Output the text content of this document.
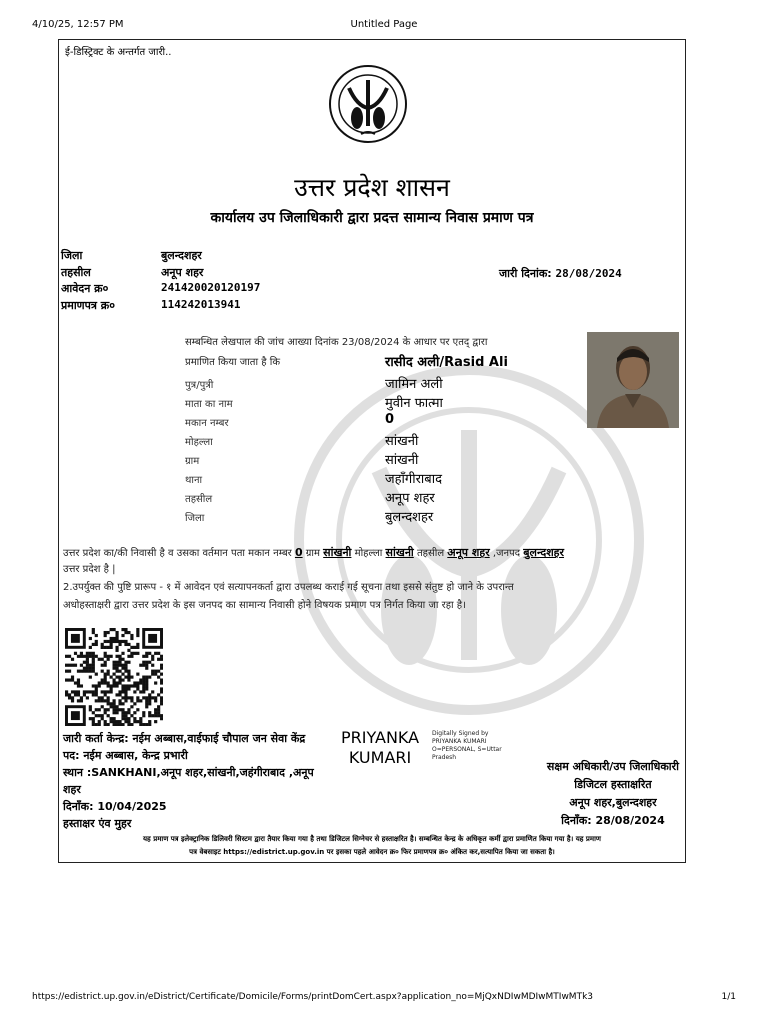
4/10/25, 12:57 PM	Untitled Page
ई-डिस्ट्रिक्ट के अन्तर्गत जारी..
उत्तर प्रदेश शासन
कार्यालय उप जिलाधिकारी द्वारा प्रदत्त सामान्य निवास प्रमाण पत्र
जिला	बुलन्दशहर
तहसील	अनूप शहर
आवेदन क्र०	241420020120197
प्रमाणपत्र क्र०	114242013941
जारी दिनांक: 28/08/2024
सम्बन्धित लेखपाल की जांच आख्या दिनांक 23/08/2024 के आधार पर एतद् द्वारा
प्रमाणित किया जाता है कि	रासीद अली/Rasid Ali
पुत्र/पुत्री	जामिन अली
माता का नाम	मुवीन फात्मा
मकान नम्बर	0
मोहल्ला	सांखनी
ग्राम	सांखनी
थाना	जहाँगीराबाद
तहसील	अनूप शहर
जिला	बुलन्दशहर
उत्तर प्रदेश का/की निवासी है व उसका वर्तमान पता मकान नम्बर 0 ग्राम सांखनी मोहल्ला सांखनी तहसील अनूप शहर ,जनपद बुलन्दशहर
उत्तर प्रदेश है |
2.उपर्युक्त की पुष्टि प्रारूप - १ में आवेदन एवं सत्यापनकर्ता द्वारा उपलब्ध कराई गई सूचना तथा इससे संतुष्ट हो जाने के उपरान्त
अधोहस्ताक्षरी द्वारा उत्तर प्रदेश के इस जनपद का सामान्य निवासी होने विषयक प्रमाण पत्र निर्गत किया जा रहा है।
जारी कर्ता केन्द्र: नईम अब्बास,वाईफाई चौपाल जन सेवा केंद्र
पद: नईम अब्बास, केन्द्र प्रभारी
स्थान :SANKHANI,अनूप शहर,सांखनी,जहंगीराबाद ,अनूप
शहर
दिनाँक: 10/04/2025
हस्ताक्षर एंव मुहर
PRIYANKA
KUMARI
Digitally Signed by
PRIYANKA KUMARI
O=PERSONAL, S=Uttar
Pradesh
सक्षम अधिकारी/उप जिलाधिकारी
डिजिटल हस्ताक्षरित
अनूप शहर,बुलन्दशहर
दिनाँक: 28/08/2024
यह प्रमाण पत्र इलेक्ट्रानिक डिलिवरी सिस्टम द्वारा तैयार किया गया है तथा डिजिटल सिग्नेचर से हस्ताक्षरित है। सम्बन्धित केन्द्र के अधिकृत कर्मी द्वारा प्रमाणित किया गया है। यह प्रमाण
पत्र वेबसाइट https://edistrict.up.gov.in पर इसका पहले आवेदन क्र० फिर प्रमाणपत्र क्र० अंकित कर,सत्यापित किया जा सकता है।
https://edistrict.up.gov.in/eDistrict/Certificate/Domicile/Forms/printDomCert.aspx?application_no=MjQxNDIwMDIwMTIwMTk3	1/1
